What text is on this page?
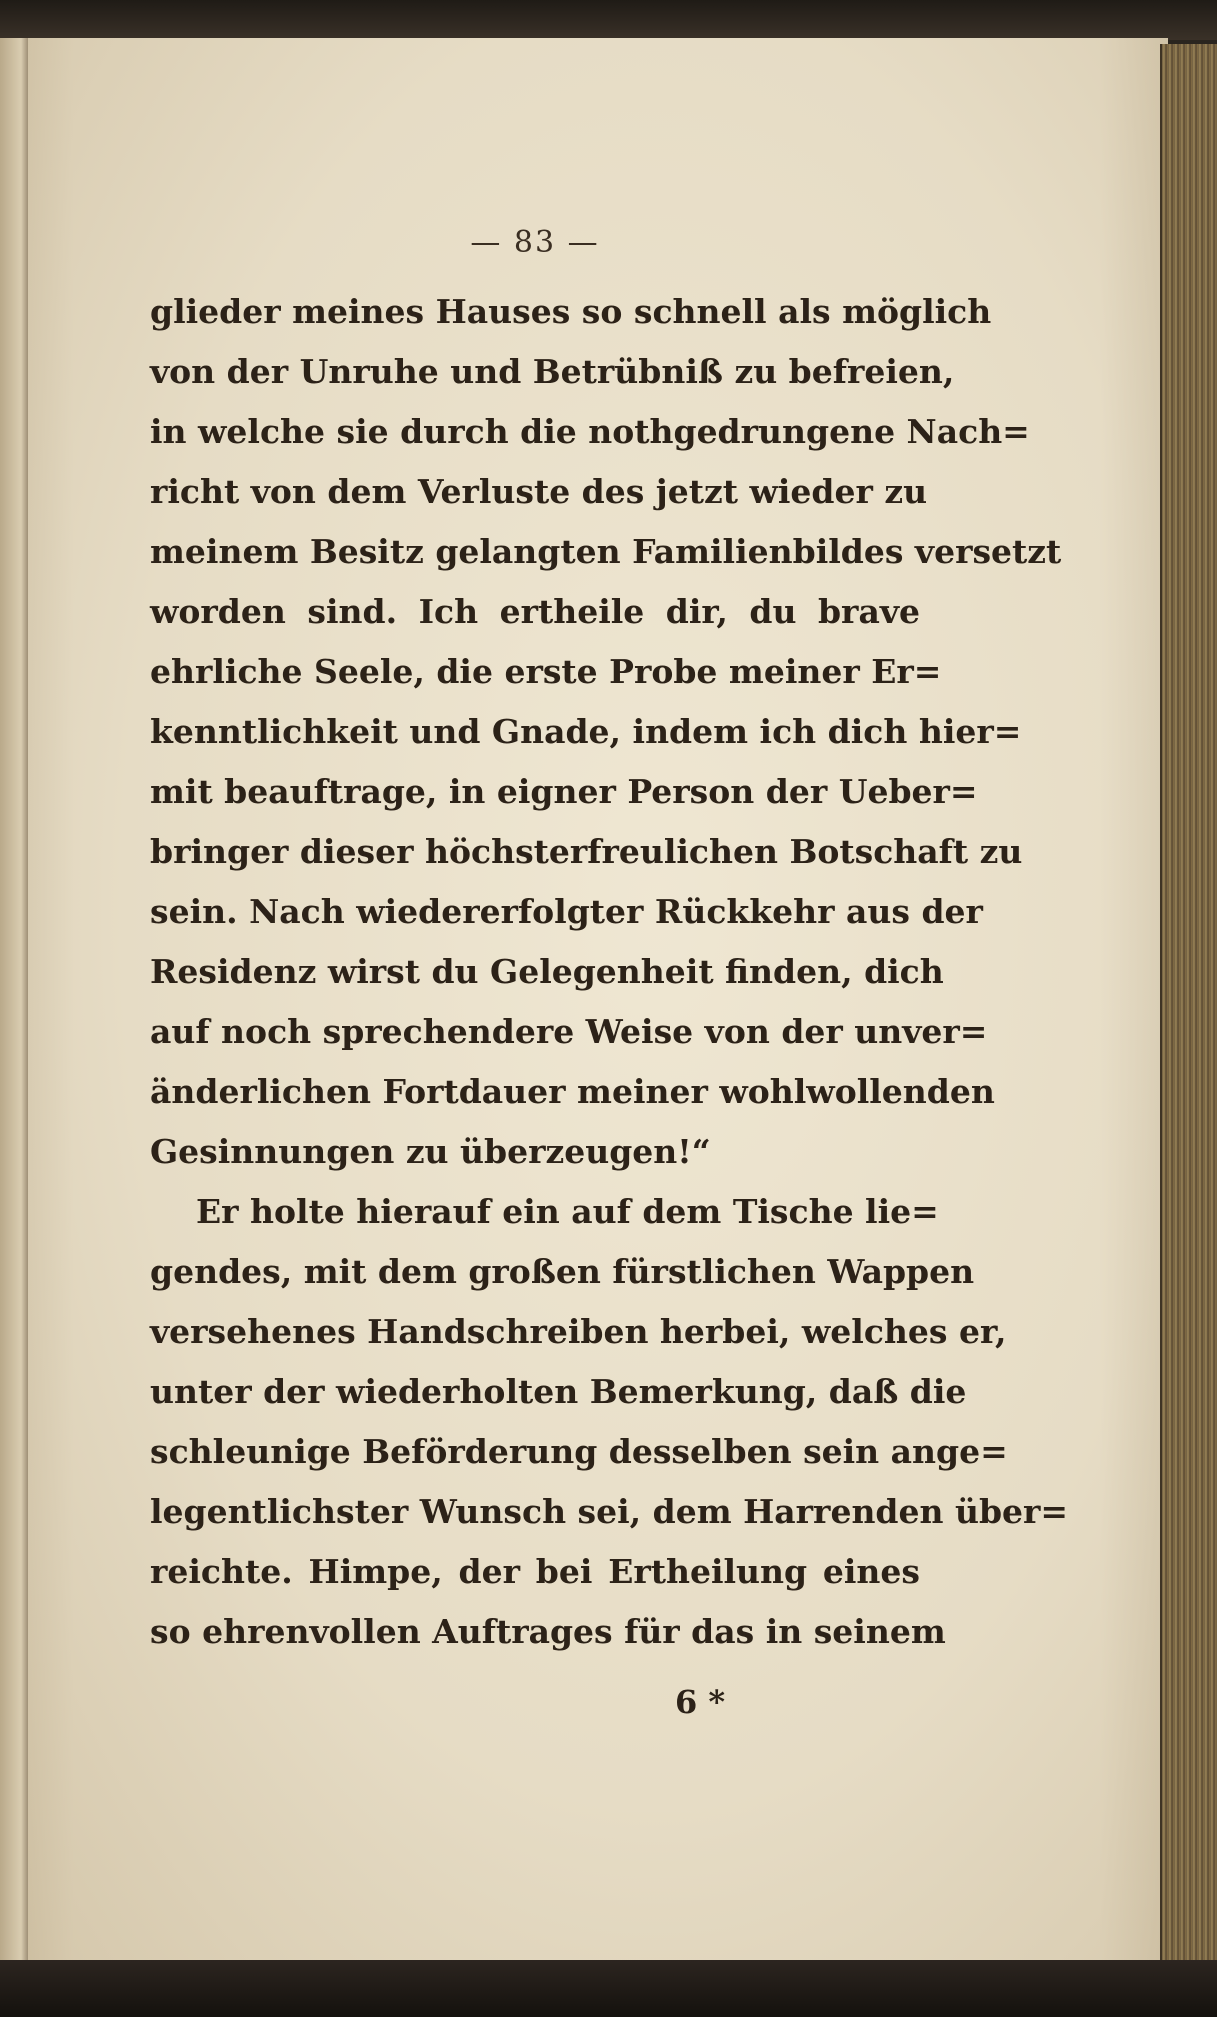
— 83 —
glieder meines Hauses so schnell als möglich
von der Unruhe und Betrübniß zu befreien,
in welche sie durch die nothgedrungene Nach=
richt von dem Verluste des jetzt wieder zu
meinem Besitz gelangten Familienbildes versetzt
worden sind. Ich ertheile dir, du brave
ehrliche Seele, die erste Probe meiner Er=
kenntlichkeit und Gnade, indem ich dich hier=
mit beauftrage, in eigner Person der Ueber=
bringer dieser höchsterfreulichen Botschaft zu
sein. Nach wiedererfolgter Rückkehr aus der
Residenz wirst du Gelegenheit finden, dich
auf noch sprechendere Weise von der unver=
änderlichen Fortdauer meiner wohlwollenden
Gesinnungen zu überzeugen!“
Er holte hierauf ein auf dem Tische lie=
gendes, mit dem großen fürstlichen Wappen
versehenes Handschreiben herbei, welches er,
unter der wiederholten Bemerkung, daß die
schleunige Beförderung desselben sein ange=
legentlichster Wunsch sei, dem Harrenden über=
reichte. Himpe, der bei Ertheilung eines
so ehrenvollen Auftrages für das in seinem
6 *
